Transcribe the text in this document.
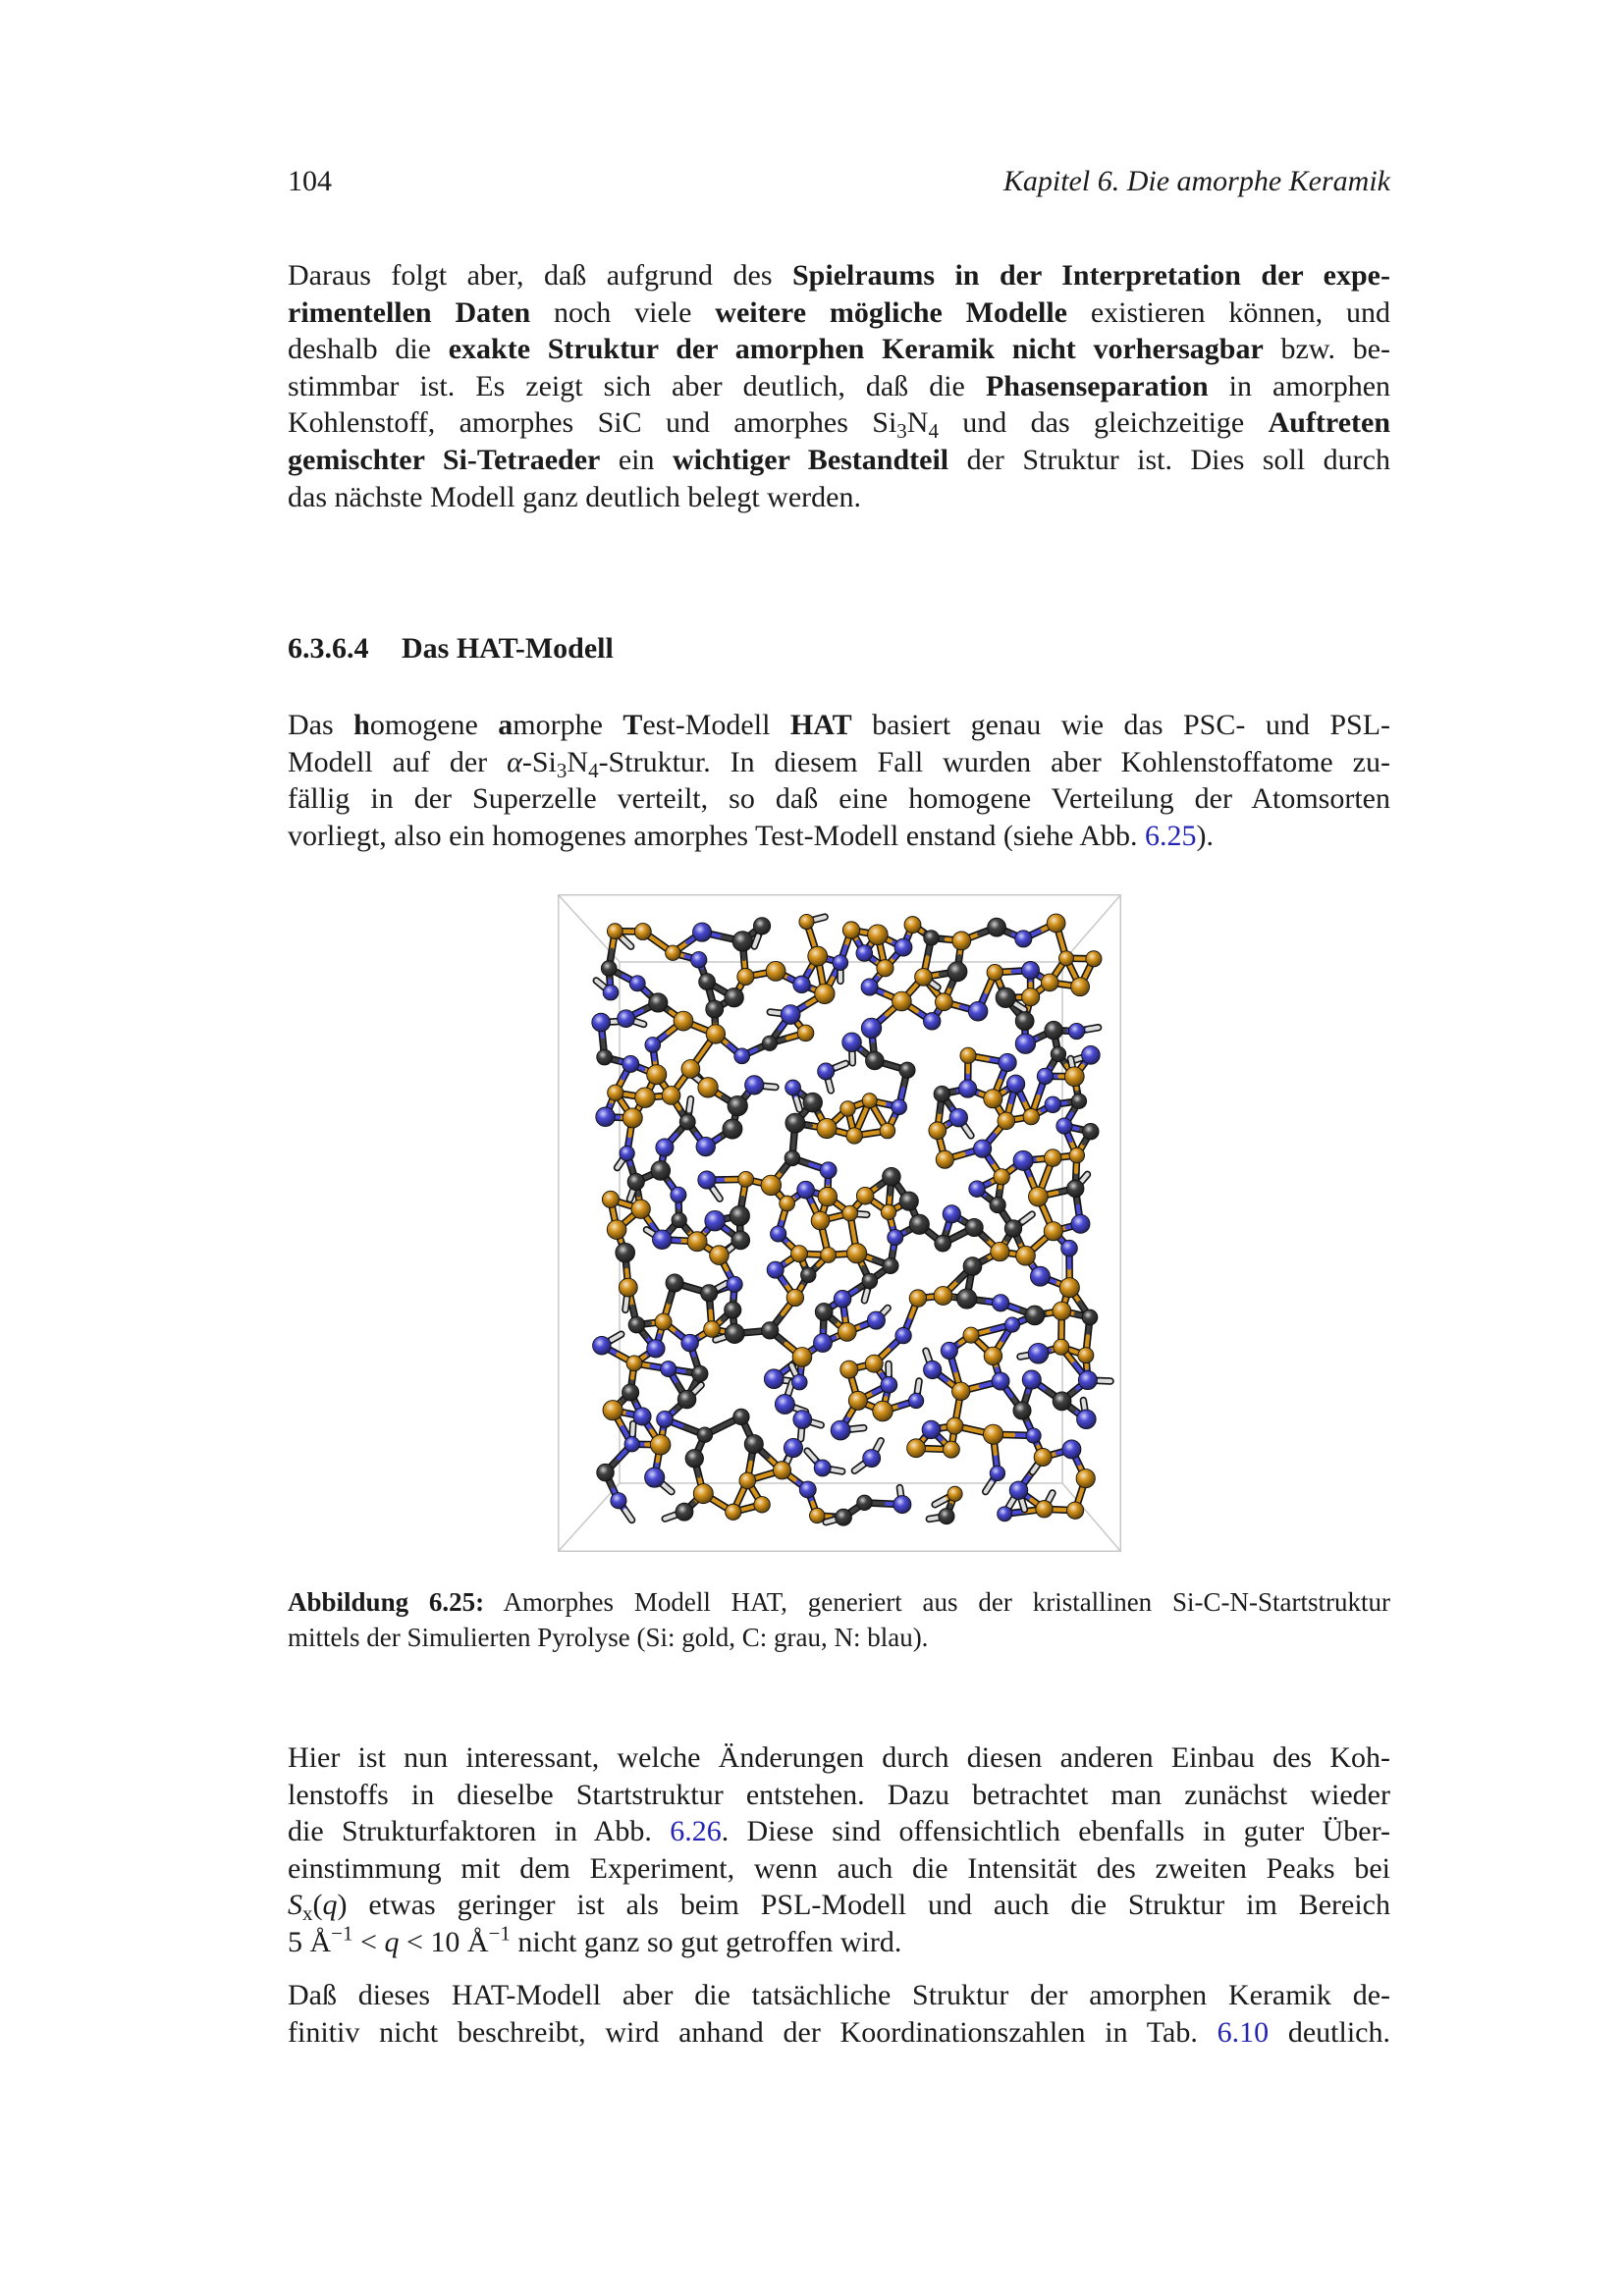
104	Kapitel 6. Die amorphe Keramik
Daraus folgt aber, daß aufgrund des Spielraums in der Interpretation der expe-
rimentellen Daten noch viele weitere mögliche Modelle existieren können, und
deshalb die exakte Struktur der amorphen Keramik nicht vorhersagbar bzw. be-
stimmbar ist. Es zeigt sich aber deutlich, daß die Phasenseparation in amorphen
Kohlenstoff, amorphes SiC und amorphes $Si_3N_4$ und das gleichzeitige Auftreten
gemischter Si-Tetraeder ein wichtiger Bestandteil der Struktur ist. Dies soll durch
das nächste Modell ganz deutlich belegt werden.
6.3.6.4 Das HAT-Modell
Das homogene amorphe Test-Modell HAT basiert genau wie das PSC- und PSL-
Modell auf der $\alpha-Si_3N_4$-Struktur. In diesem Fall wurden aber Kohlenstoffatome zu-
fällig in der Superzelle verteilt, so daß eine homogene Verteilung der Atomsorten
vorliegt, also ein homogenes amorphes Test-Modell enstand (siehe Abb. 6.25).
Abbildung 6.25: Amorphes Modell HAT, generiert aus der kristallinen Si-C-N-Startstruktur
mittels der Simulierten Pyrolyse (Si: gold, C: grau, N: blau).
Hier ist nun interessant, welche Änderungen durch diesen anderen Einbau des Koh-
lenstoffs in dieselbe Startstruktur entstehen. Dazu betrachtet man zunächst wieder
die Strukturfaktoren in Abb. 6.26. Diese sind offensichtlich ebenfalls in guter Über-
einstimmung mit dem Experiment, wenn auch die Intensität des zweiten Peaks bei
$S_x(q)$ etwas geringer ist als beim PSL-Modell und auch die Struktur im Bereich
5 $Å^{-1} < q < 10$ $Å^{-1}$ nicht ganz so gut getroffen wird.
Daß dieses HAT-Modell aber die tatsächliche Struktur der amorphen Keramik de-
finitiv nicht beschreibt, wird anhand der Koordinationszahlen in Tab. 6.10 deutlich.
